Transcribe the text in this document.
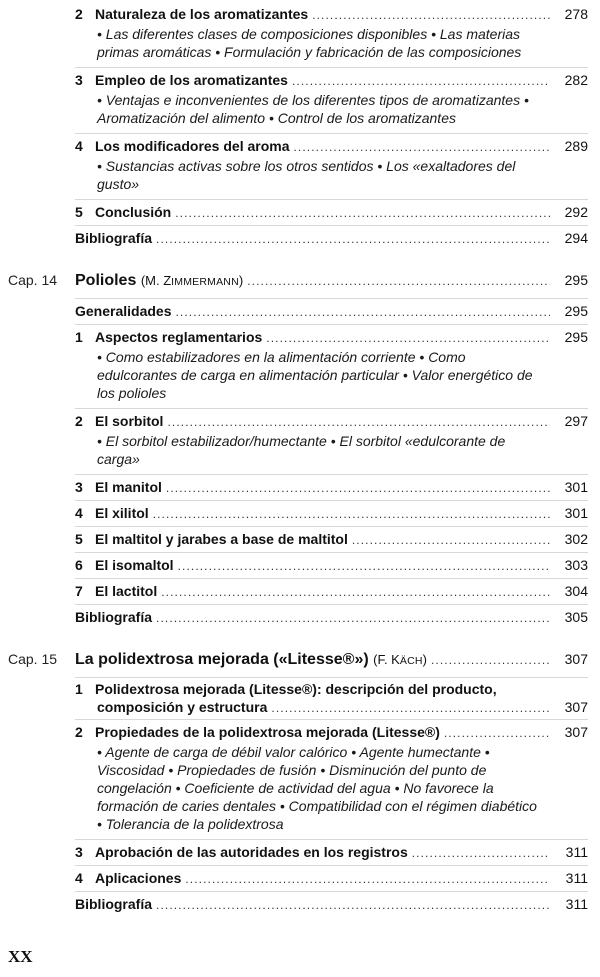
2 Naturaleza de los aromatizantes .....	278
• Las diferentes clases de composiciones disponibles • Las materias primas aromáticas • Formulación y fabricación de las composiciones
3 Empleo de los aromatizantes .....	282
• Ventajas e inconvenientes de los diferentes tipos de aromatizantes • Aromatización del alimento • Control de los aromatizantes
4 Los modificadores del aroma .....	289
• Sustancias activas sobre los otros sentidos • Los «exaltadores del gusto»
5 Conclusión .....	292
Bibliografía .....	294
Cap. 14 Polioles (M. ZIMMERMANN) .....	295
Generalidades .....	295
1 Aspectos reglamentarios .....	295
• Como estabilizadores en la alimentación corriente • Como edulcorantes de carga en alimentación particular • Valor energético de los polioles
2 El sorbitol .....	297
• El sorbitol estabilizador/humectante • El sorbitol «edulcorante de carga»
3 El manitol .....	301
4 El xilitol .....	301
5 El maltitol y jarabes a base de maltitol .....	302
6 El isomaltol .....	303
7 El lactitol .....	304
Bibliografía .....	305
Cap. 15 La polidextrosa mejorada («Litesse®») (F. KÄCH) .....	307
1 Polidextrosa mejorada (Litesse®): descripción del producto,
composición y estructura .....	307
2 Propiedades de la polidextrosa mejorada (Litesse®) .....	307
• Agente de carga de débil valor calórico • Agente humectante • Viscosidad • Propiedades de fusión • Disminución del punto de congelación • Coeficiente de actividad del agua • No favorece la formación de caries dentales • Compatibilidad con el régimen diabético • Tolerancia de la polidextrosa
3 Aprobación de las autoridades en los registros .....	311
4 Aplicaciones .....	311
Bibliografía .....	311
XX
